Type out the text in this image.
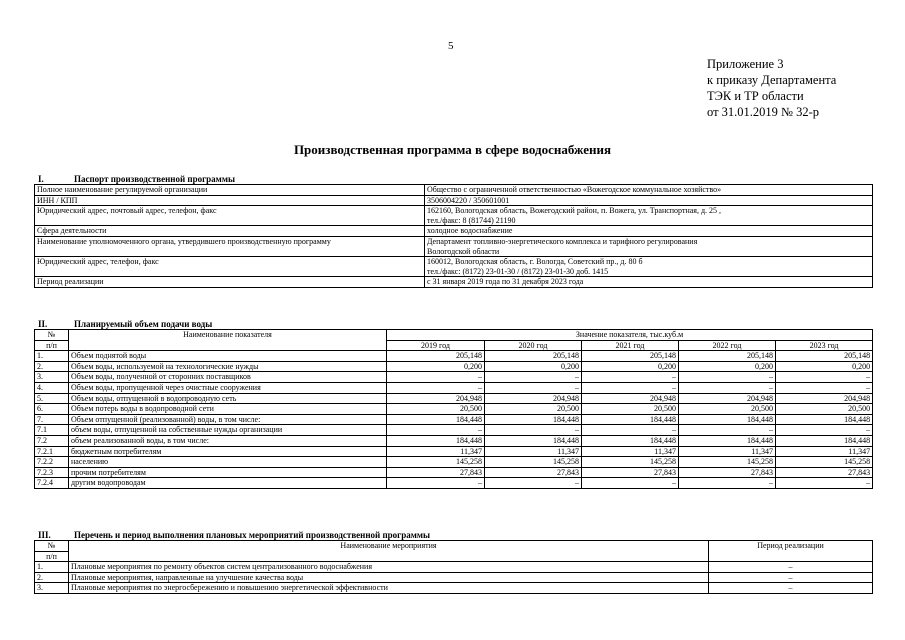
5
Приложение 3
к приказу Департамента
ТЭК и ТР области
от 31.01.2019 № 32-р
Производственная программа в сфере водоснабжения
I.	Паспорт производственной программы
Полное наименование регулируемой организации	Общество с ограниченной ответственностью «Вожегодское коммунальное хозяйство»

ИНН / КПП	3506004220 / 350601001

Юридический адрес, почтовый адрес, телефон, факс	162160, Вологодская область, Вожегодский район, п. Вожега, ул. Транспортная, д. 25 ,
тел./факс: 8 (81744) 21190

Сфера деятельности	холодное водоснабжение

Наименование уполномоченного органа, утвердившего производственную программу	Департамент топливно-энергетического комплекса и тарифного регулирования
Вологодской области

Юридический адрес, телефон, факс	160012, Вологодская область, г. Вологда, Советский пр., д. 80 б
тел./факс: (8172) 23-01-30 / (8172) 23-01-30 доб. 1415

Период реализации	с 31 января 2019 года по 31 декабря 2023 года
II.	Планируемый объем подачи воды
№	Наименование показателя	Значение показателя, тыс.куб.м				
п/п		2019 год	2020 год	2021 год	2022 год	2023 год
1.	Объем поднятой воды	205,148	205,148	205,148	205,148	205,148
2.	Объем воды, используемой на технологические нужды	0,200	0,200	0,200	0,200	0,200
3.	Объем воды, полученной от сторонних поставщиков	–	–	–	–	–
4.	Объем воды, пропущенной через очистные сооружения	–	–	–	–	–
5.	Объем воды, отпущенной в водопроводную сеть	204,948	204,948	204,948	204,948	204,948
6.	Объем потерь воды в водопроводной сети	20,500	20,500	20,500	20,500	20,500
7.	Объем отпущенной (реализованной) воды, в том числе:	184,448	184,448	184,448	184,448	184,448
7.1	объем воды, отпущенной на собственные нужды организации	–	–	–	–	–
7.2	объем реализованной воды, в том числе:	184,448	184,448	184,448	184,448	184,448
7.2.1	бюджетным потребителям	11,347	11,347	11,347	11,347	11,347
7.2.2	населению	145,258	145,258	145,258	145,258	145,258
7.2.3	прочим потребителям	27,843	27,843	27,843	27,843	27,843
7.2.4	другим водопроводам	–	–	–	–	–
III.	Перечень и период выполнения плановых мероприятий производственной программы
№	Наименование мероприятия	Период реализации
п/п		
1.	Плановые мероприятия по ремонту объектов систем централизованного водоснабжения	–
2.	Плановые мероприятия, направленные на улучшение качества воды	–
3.	Плановые мероприятия по энергосбережению и повышению энергетической эффективности	–
